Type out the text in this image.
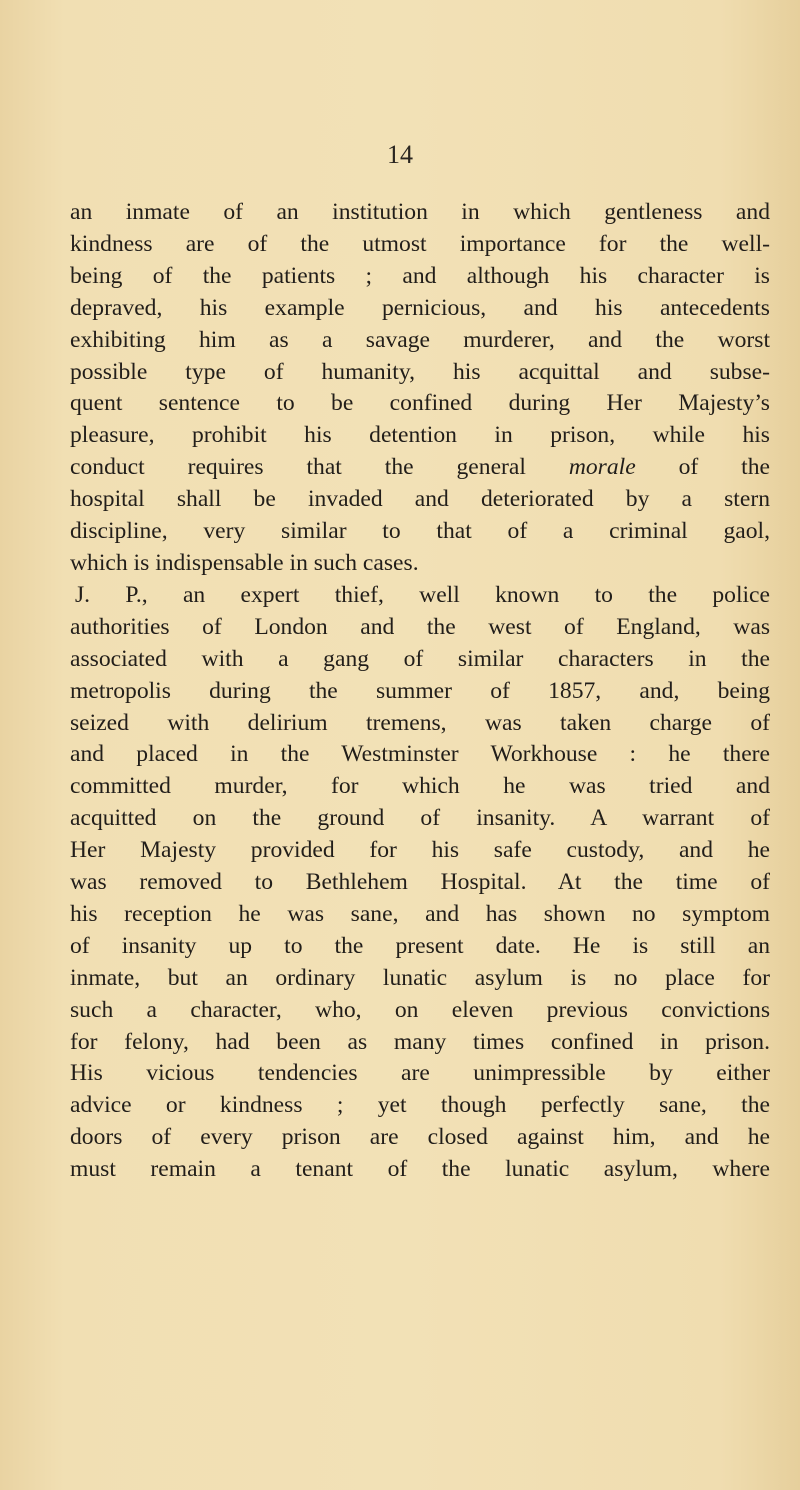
14
an inmate of an institution in which gentleness and
kindness are of the utmost importance for the well-
being of the patients ; and although his character is
depraved, his example pernicious, and his antecedents
exhibiting him as a savage murderer, and the worst
possible type of humanity, his acquittal and subse-
quent sentence to be confined during Her Majesty’s
pleasure, prohibit his detention in prison, while his
conduct requires that the general morale of the
hospital shall be invaded and deteriorated by a stern
discipline, very similar to that of a criminal gaol,
which is indispensable in such cases.
J. P., an expert thief, well known to the police
authorities of London and the west of England, was
associated with a gang of similar characters in the
metropolis during the summer of 1857, and, being
seized with delirium tremens, was taken charge of
and placed in the Westminster Workhouse : he there
committed murder, for which he was tried and
acquitted on the ground of insanity. A warrant of
Her Majesty provided for his safe custody, and he
was removed to Bethlehem Hospital. At the time of
his reception he was sane, and has shown no symptom
of insanity up to the present date. He is still an
inmate, but an ordinary lunatic asylum is no place for
such a character, who, on eleven previous convictions
for felony, had been as many times confined in prison.
His vicious tendencies are unimpressible by either
advice or kindness ; yet though perfectly sane, the
doors of every prison are closed against him, and he
must remain a tenant of the lunatic asylum, where
